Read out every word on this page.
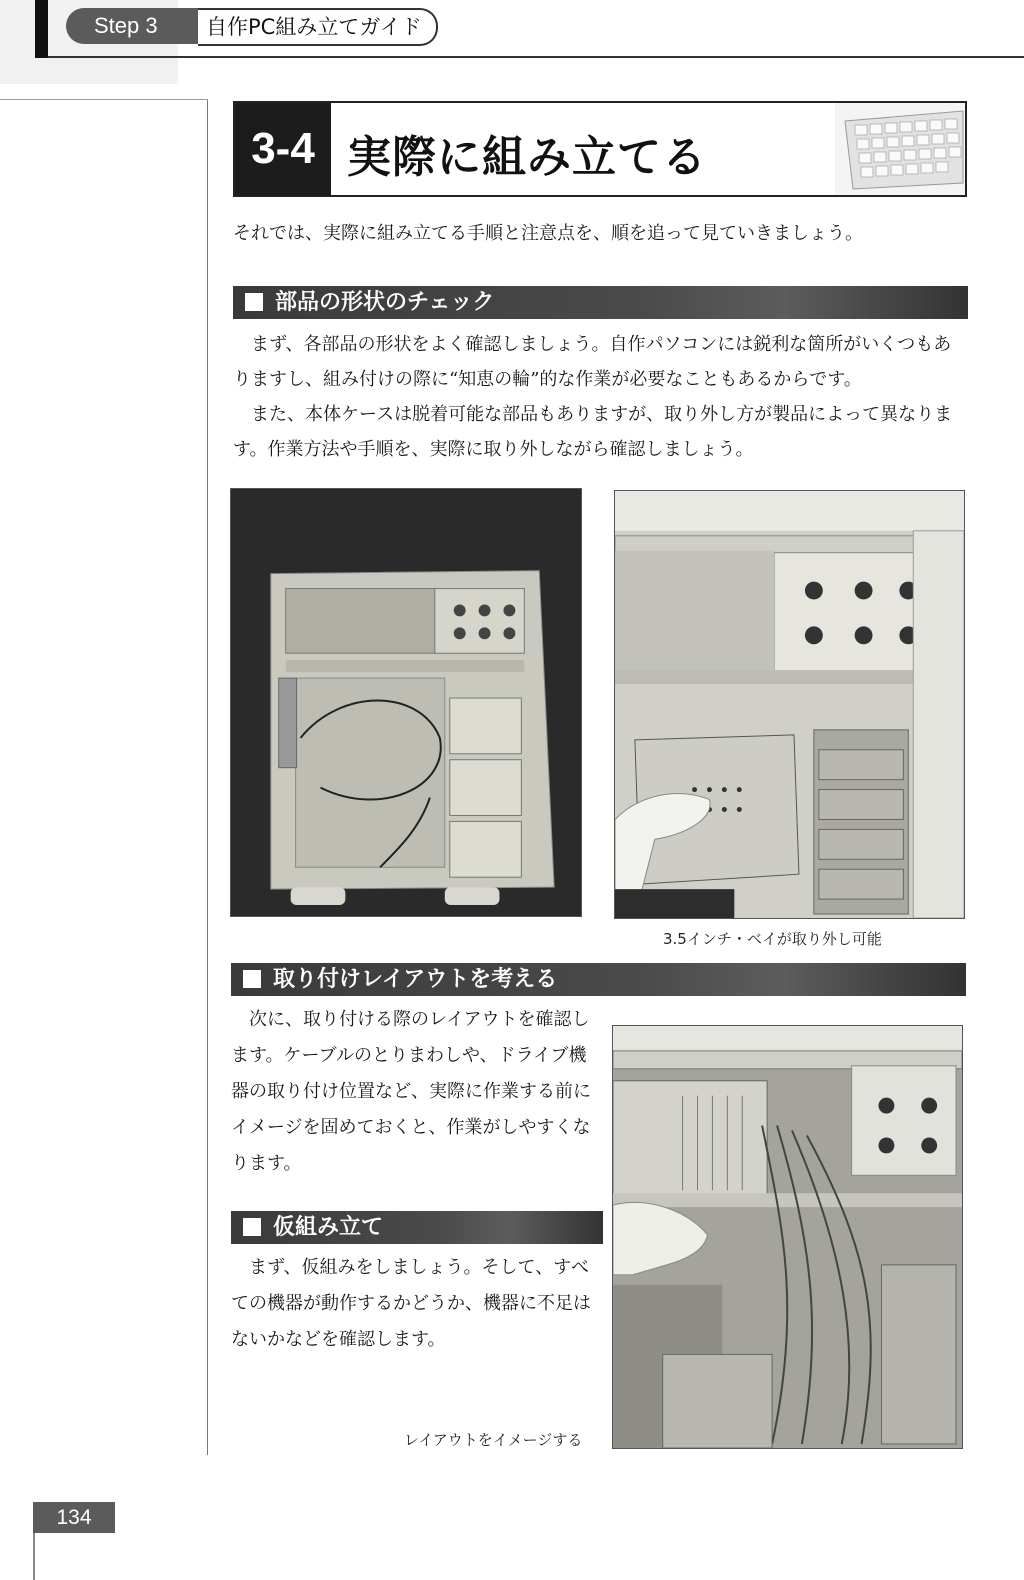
Step 3	自作PC組み立てガイド
3-4 実際に組み立てる
それでは、実際に組み立てる手順と注意点を、順を追って見ていきましょう。
部品の形状のチェック
まず、各部品の形状をよく確認しましょう。自作パソコンには鋭利な箇所がいくつもありますし、組み付けの際に“知恵の輪”的な作業が必要なこともあるからです。
また、本体ケースは脱着可能な部品もありますが、取り外し方が製品によって異なります。作業方法や手順を、実際に取り外しながら確認しましょう。
3.5インチ・ベイが取り外し可能
取り付けレイアウトを考える
次に、取り付ける際のレイアウトを確認します。ケーブルのとりまわしや、ドライブ機器の取り付け位置など、実際に作業する前にイメージを固めておくと、作業がしやすくなります。
仮組み立て
まず、仮組みをしましょう。そして、すべての機器が動作するかどうか、機器に不足はないかなどを確認します。
レイアウトをイメージする
134
